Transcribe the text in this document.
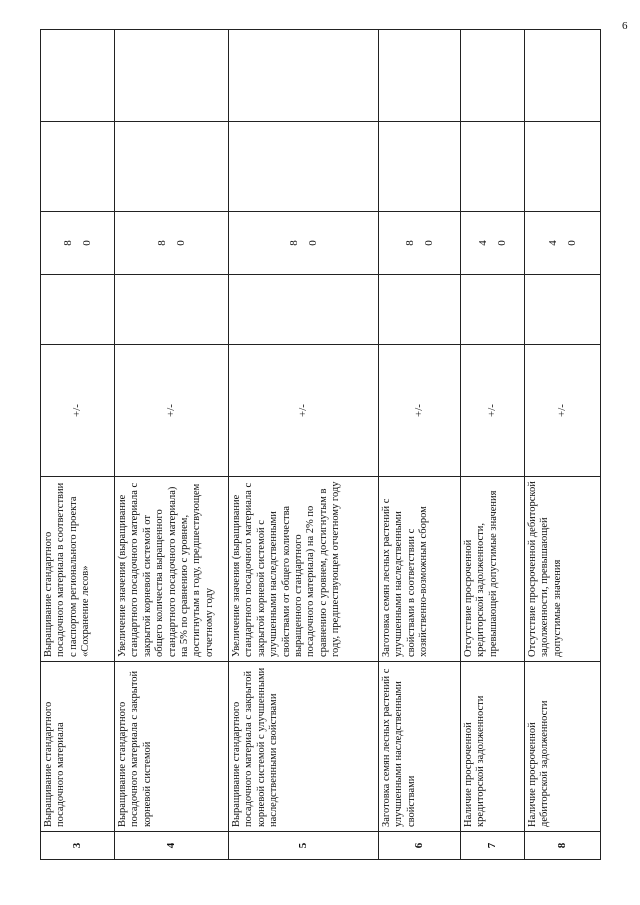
6
3	Выращивание стандартного посадочного материала	Выращивание стандартного посадочного материала в соответствии с паспортом регионального проекта «Сохранение лесов»	+/-		8 0		

4	Выращивание стандартного посадочного материала с закрытой корневой системой	Увеличение значения (выращивание стандартного посадочного материала с закрытой корневой системой от общего количества выращенного стандартного посадочного материала) на 5% по сравнению с уровнем, достигнутым в году, предшествующем отчетному году	+/-		8 0		

5	Выращивание стандартного посадочного материала с закрытой корневой системой с улучшенными наследственными свойствами	Увеличение значения (выращивание стандартного посадочного материала с закрытой корневой системой с улучшенными наследственными свойствами от общего количества выращенного стандартного посадочного материала) на 2% по сравнению с уровнем, достигнутым в году, предшествующем отчетному году	+/-		8 0		

6	Заготовка семян лесных растений с улучшенными наследственными свойствами	Заготовка семян лесных растений с улучшенными наследственными свойствами в соответствии с хозяйственно-возможным сбором	+/-		8 0		

7	Наличие просроченной кредиторской задолженности	Отсутствие просроченной кредиторской задолженности, превышающей допустимые значения	+/-		4 0		

8	Наличие просроченной дебиторской задолженности	Отсутствие просроченной дебиторской задолженности, превышающей допустимые значения	+/-		4 0		
